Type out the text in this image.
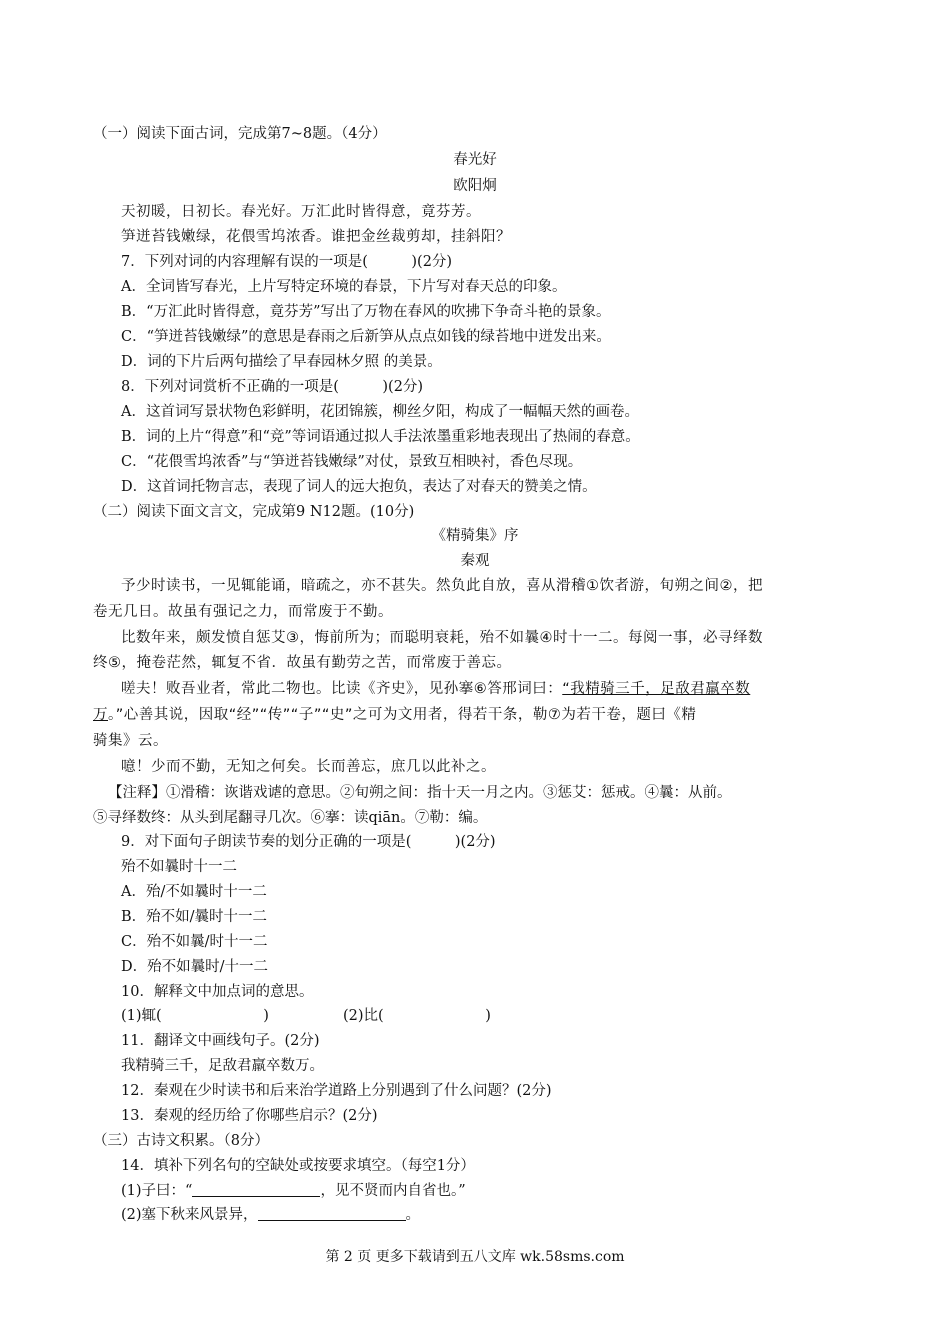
（一）阅读下面古词，完成第7~8题。（4分）
春光好
欧阳炯
天初暖，日初长。春光好。万汇此时皆得意，竟芬芳。
笋迸苔钱嫩绿，花偎雪坞浓香。谁把金丝裁剪却，挂斜阳？
7．下列对词的内容理解有误的一项是(　　　)(2分)
A．全词皆写春光，上片写特定环境的春景，下片写对春天总的印象。
B．“万汇此时皆得意，竟芬芳”写出了万物在春风的吹拂下争奇斗艳的景象。
C．“笋迸苔钱嫩绿”的意思是春雨之后新笋从点点如钱的绿苔地中迸发出来。
D．词的下片后两句描绘了早春园林夕照 的美景。
8．下列对词赏析不正确的一项是(　　　)(2分)
A．这首词写景状物色彩鲜明，花团锦簇，柳丝夕阳，构成了一幅幅天然的画卷。
B．词的上片“得意”和“竞”等词语通过拟人手法浓墨重彩地表现出了热闹的春意。
C．“花偎雪坞浓香”与“笋迸苔钱嫩绿”对仗，景致互相映衬，香色尽现。
D．这首词托物言志，表现了词人的远大抱负，表达了对春天的赞美之情。
（二）阅读下面文言文，完成第9 N12题。(10分)
《精骑集》序
秦观
予少时读书，一见辄能诵，暗疏之，亦不甚失。然负此自放，喜从滑稽①饮者游，旬朔之间②，把
卷无几日。故虽有强记之力，而常废于不勤。
比数年来，颇发愤自惩艾③，悔前所为；而聪明衰耗，殆不如曩④时十一二。每阅一事，必寻绎数
终⑤，掩卷茫然，辄复不省．故虽有勤劳之苦，而常废于善忘。
嗟夫！败吾业者，常此二物也。比读《齐史》，见孙搴⑥答邢词曰：“我精骑三千，足敌君羸卒数
万。”心善其说，因取“经”“传”“子”“史”之可为文用者，得若干条，勒⑦为若干卷，题曰《精
骑集》云。
噫！少而不勤，无知之何矣。长而善忘，庶几以此补之。
【注释】①滑稽：诙谐戏谑的意思。②旬朔之间：指十天一月之内。③惩艾：惩戒。④曩：从前。
⑤寻绎数终：从头到尾翻寻几次。⑥搴：读qiān。⑦勒：编。
9．对下面句子朗读节奏的划分正确的一项是(　　　)(2分)
殆不如曩时十一二
A．殆/不如曩时十一二
B．殆不如/曩时十一二
C．殆不如曩/时十一二
D．殆不如曩时/十一二
10．解释文中加点词的意思。
(1)辄(　　　　　　　)	(2)比(　　　　　　　)
11．翻译文中画线句子。(2分)
我精骑三千，足敌君羸卒数万。
12．秦观在少时读书和后来治学道路上分别遇到了什么问题？(2分)
13．秦观的经历给了你哪些启示？(2分)
（三）古诗文积累。（8分）
14．填补下列名句的空缺处或按要求填空。（每空1分）
(1)子曰：“	，见不贤而内自省也。”
(2)塞下秋来风景异，	。
第 2 页 更多下载请到五八文库 wk.58sms.com
